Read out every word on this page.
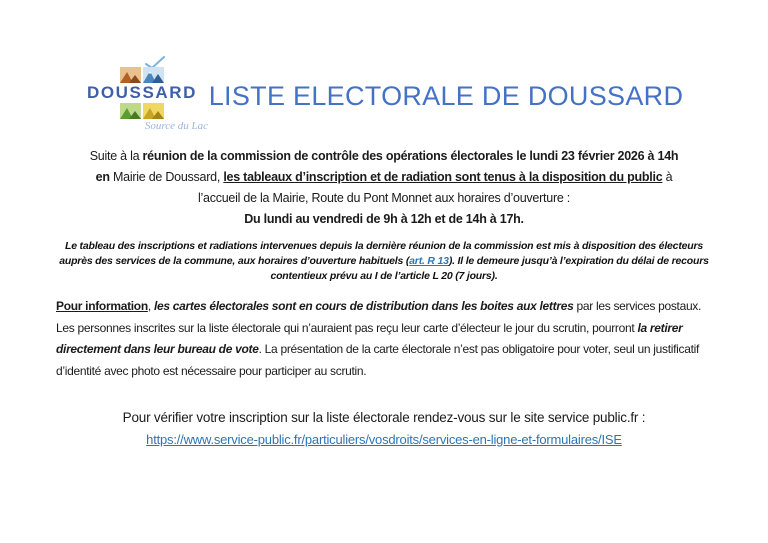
DOUSSARD
Source du Lac
LISTE ELECTORALE DE DOUSSARD
Suite à la réunion de la commission de contrôle des opérations électorales le lundi 23 février 2026 à 14h
en Mairie de Doussard, les tableaux d’inscription et de radiation sont tenus à la disposition du public à
l’accueil de la Mairie, Route du Pont Monnet aux horaires d’ouverture :
Du lundi au vendredi de 9h à 12h et de 14h à 17h.
Le tableau des inscriptions et radiations intervenues depuis la dernière réunion de la commission est mis à disposition des électeurs auprès des services de la commune, aux horaires d’ouverture habituels (art. R 13). Il le demeure jusqu’à l’expiration du délai de recours contentieux prévu au I de l’article L 20 (7 jours).
Pour information, les cartes électorales sont en cours de distribution dans les boites aux lettres par les services postaux. Les personnes inscrites sur la liste électorale qui n’auraient pas reçu leur carte d’électeur le jour du scrutin, pourront la retirer directement dans leur bureau de vote. La présentation de la carte électorale n’est pas obligatoire pour voter, seul un justificatif d’identité avec photo est nécessaire pour participer au scrutin.
Pour vérifier votre inscription sur la liste électorale rendez-vous sur le site service public.fr :
https://www.service-public.fr/particuliers/vosdroits/services-en-ligne-et-formulaires/ISE
